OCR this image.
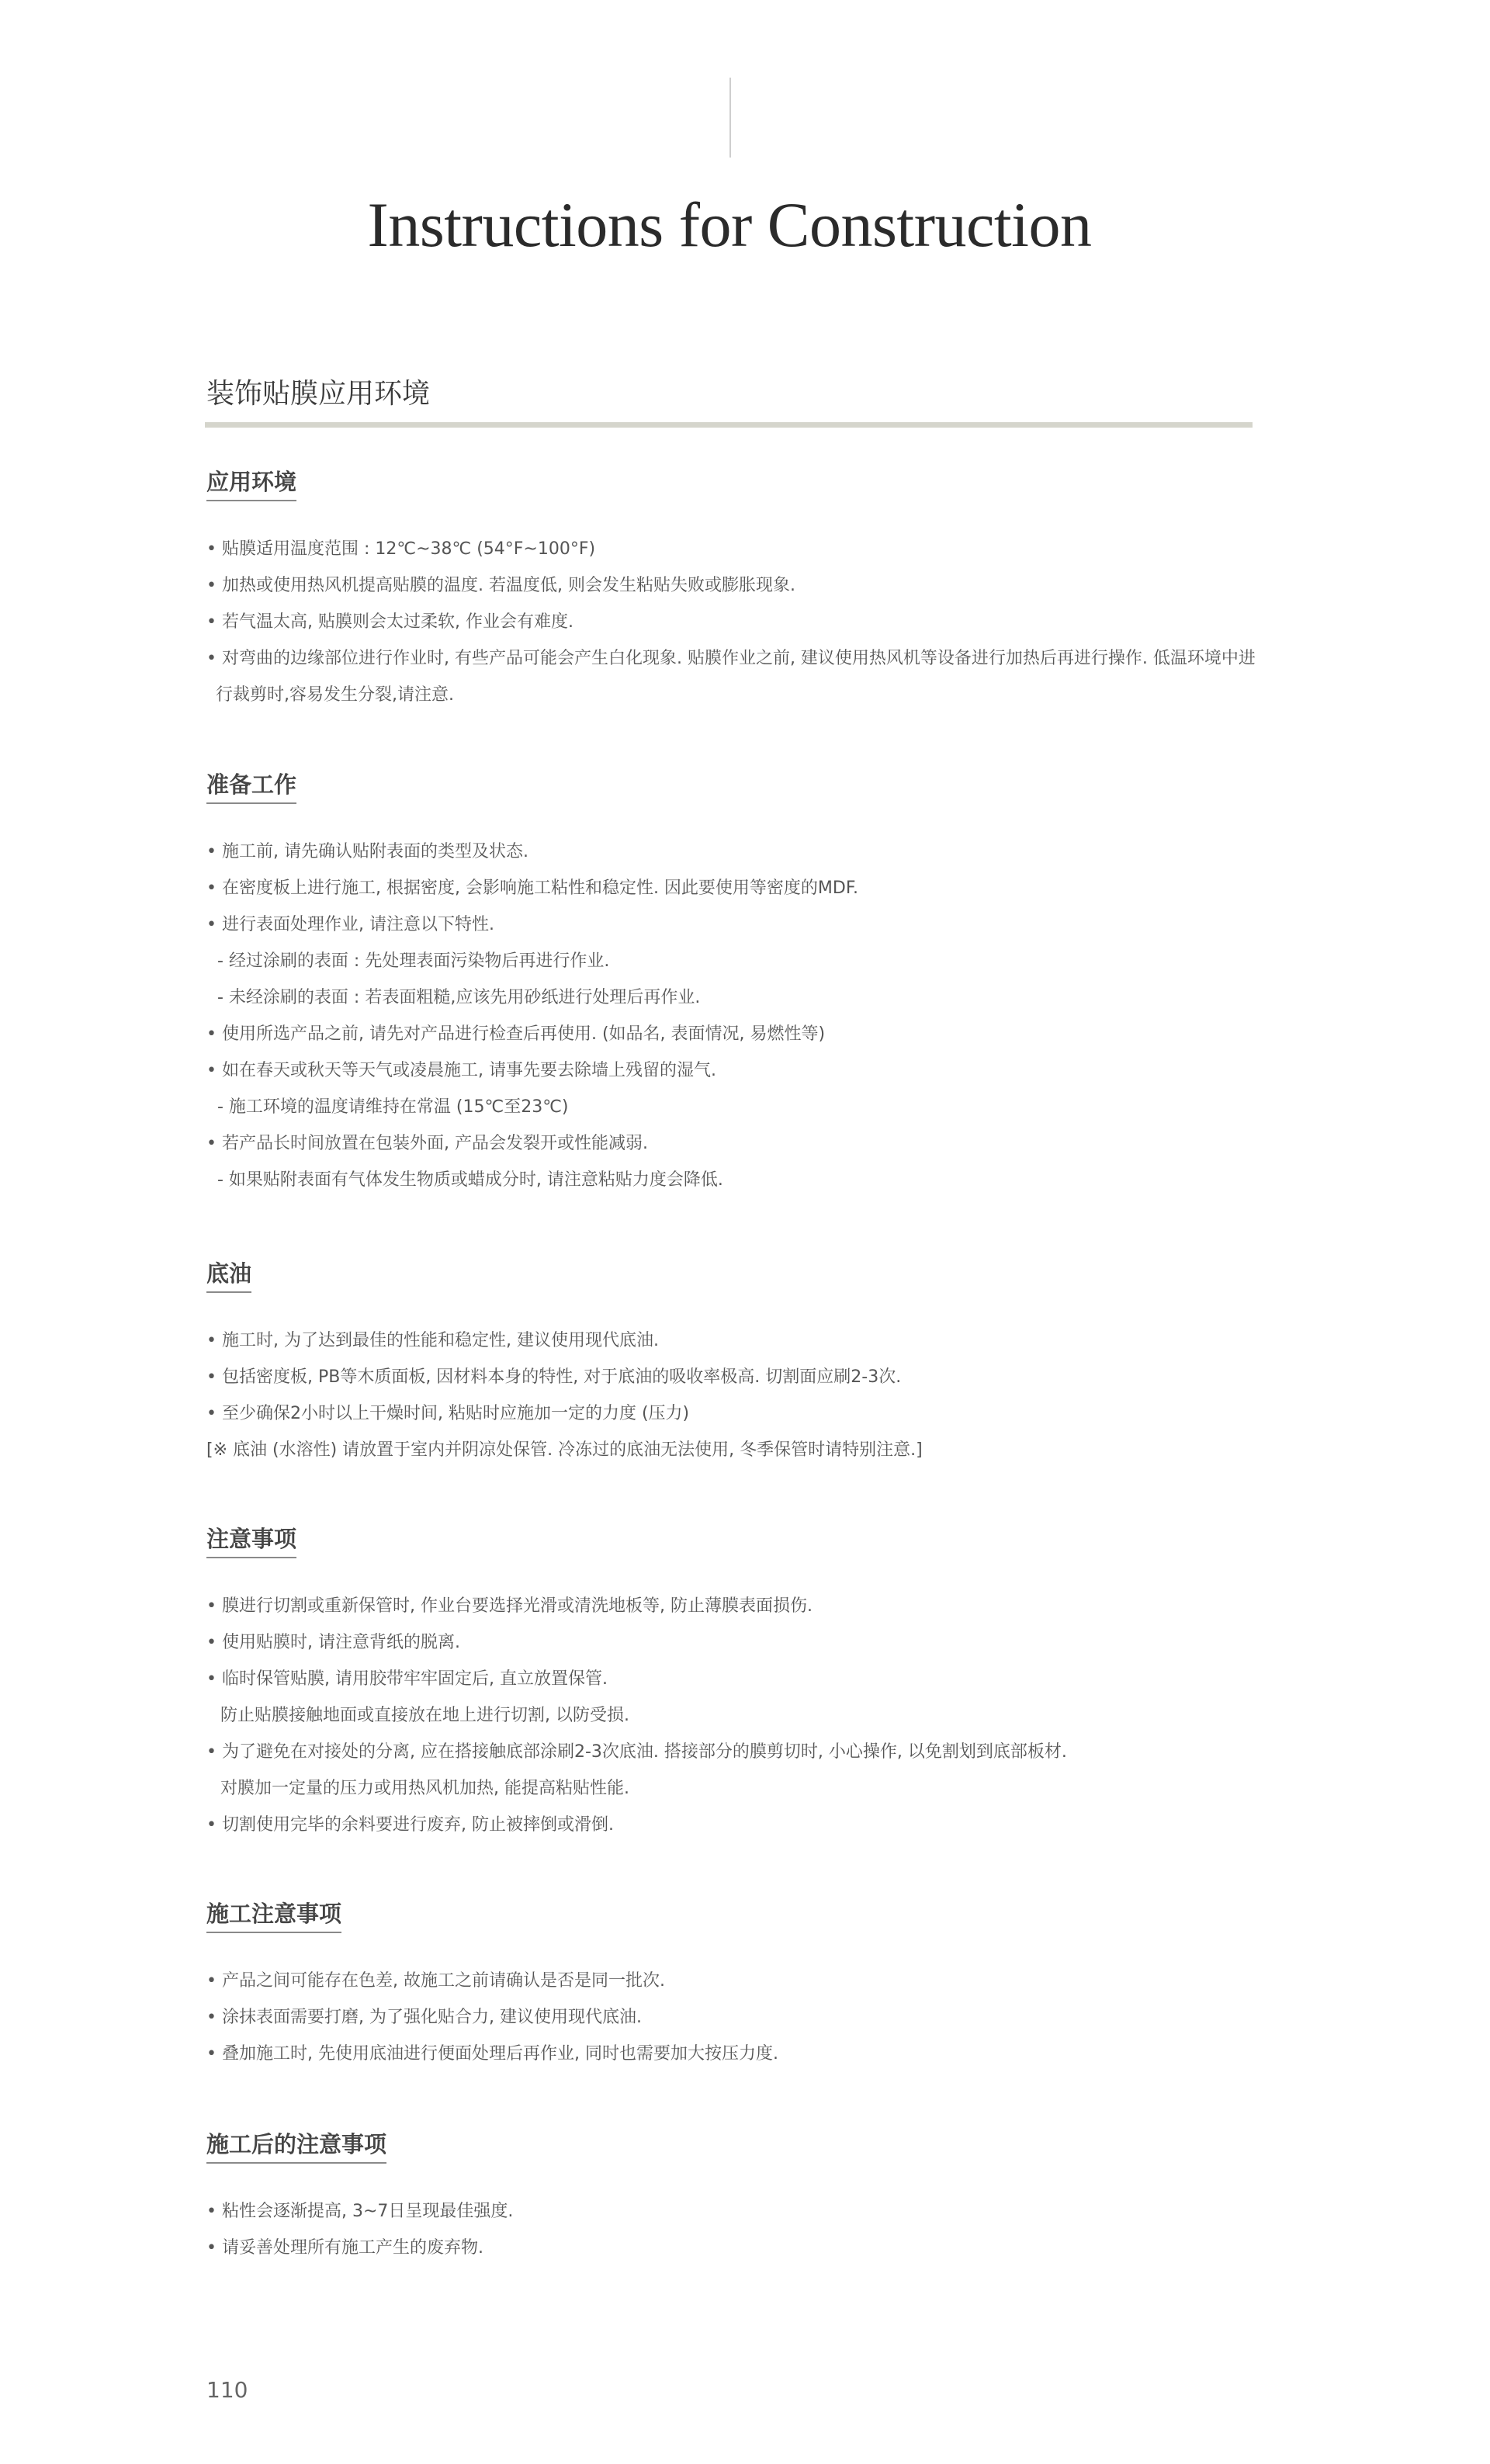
Instructions for Construction
装饰贴膜应用环境
应用环境
• 贴膜适用温度范围 : 12℃~38℃ (54°F~100°F)
• 加热或使用热风机提高贴膜的温度. 若温度低, 则会发生粘贴失败或膨胀现象.
• 若气温太高, 贴膜则会太过柔软, 作业会有难度.
• 对弯曲的边缘部位进行作业时, 有些产品可能会产生白化现象. 贴膜作业之前, 建议使用热风机等设备进行加热后再进行操作. 低温环境中进行裁剪时,容易发生分裂,请注意.
准备工作
• 施工前, 请先确认贴附表面的类型及状态.
• 在密度板上进行施工, 根据密度, 会影响施工粘性和稳定性. 因此要使用等密度的MDF.
• 进行表面处理作业, 请注意以下特性.
- 经过涂刷的表面 : 先处理表面污染物后再进行作业.
- 未经涂刷的表面 : 若表面粗糙,应该先用砂纸进行处理后再作业.
• 使用所选产品之前, 请先对产品进行检查后再使用. (如品名, 表面情况, 易燃性等)
• 如在春天或秋天等天气或凌晨施工, 请事先要去除墙上残留的湿气.
- 施工环境的温度请维持在常温 (15℃至23℃)
• 若产品长时间放置在包装外面, 产品会发裂开或性能减弱.
- 如果贴附表面有气体发生物质或蜡成分时, 请注意粘贴力度会降低.
底油
• 施工时, 为了达到最佳的性能和稳定性, 建议使用现代底油.
• 包括密度板, PB等木质面板, 因材料本身的特性, 对于底油的吸收率极高. 切割面应刷2-3次.
• 至少确保2小时以上干燥时间, 粘贴时应施加一定的力度 (压力)
[※ 底油 (水溶性) 请放置于室内并阴凉处保管. 冷冻过的底油无法使用, 冬季保管时请特别注意.]
注意事项
• 膜进行切割或重新保管时, 作业台要选择光滑或清洗地板等, 防止薄膜表面损伤.
• 使用贴膜时, 请注意背纸的脱离.
• 临时保管贴膜, 请用胶带牢牢固定后, 直立放置保管.
防止贴膜接触地面或直接放在地上进行切割, 以防受损.
• 为了避免在对接处的分离, 应在搭接触底部涂刷2-3次底油. 搭接部分的膜剪切时, 小心操作, 以免割划到底部板材.
对膜加一定量的压力或用热风机加热, 能提高粘贴性能.
• 切割使用完毕的余料要进行废弃, 防止被摔倒或滑倒.
施工注意事项
• 产品之间可能存在色差, 故施工之前请确认是否是同一批次.
• 涂抹表面需要打磨, 为了强化贴合力, 建议使用现代底油.
• 叠加施工时, 先使用底油进行便面处理后再作业, 同时也需要加大按压力度.
施工后的注意事项
• 粘性会逐渐提高, 3~7日呈现最佳强度.
• 请妥善处理所有施工产生的废弃物.
110
